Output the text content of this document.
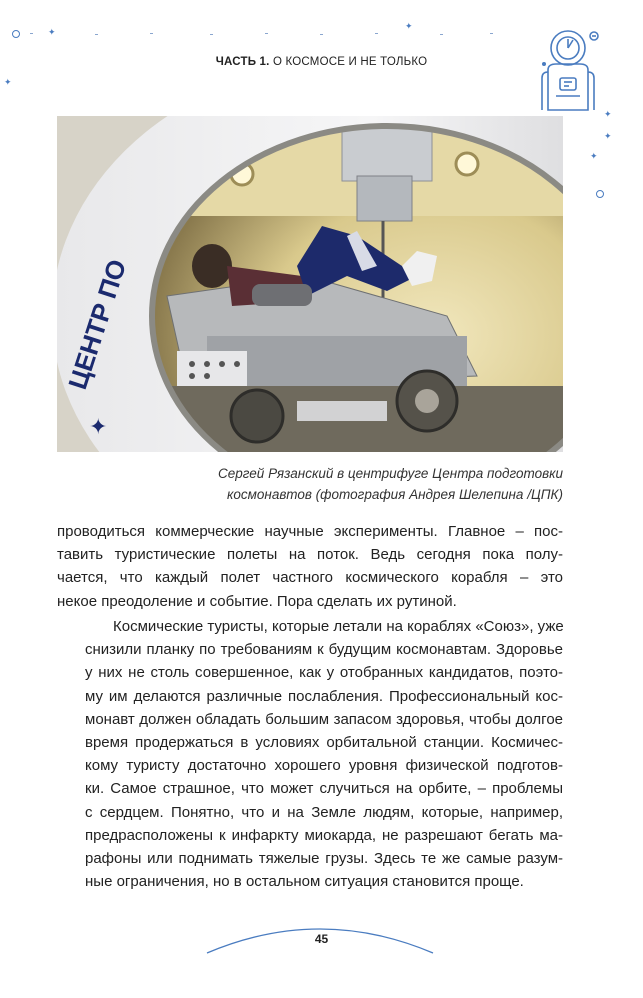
✦
✦
✦
✦
✦
✦
ЧАСТЬ 1. О КОСМОСЕ И НЕ ТОЛЬКО
ЦЕНТР ПО
✦
Сергей Рязанский в центрифуге Центра подготовки
космонавтов (фотография Андрея Шелепина /ЦПК)
проводиться коммерческие научные эксперименты. Главное – пос-
тавить туристические полеты на поток. Ведь сегодня пока полу-
чается, что каждый полет частного космического корабля – это
некое преодоление и событие. Пора сделать их рутиной.
Космические туристы, которые летали на кораблях «Союз», уже
снизили планку по требованиям к будущим космонавтам. Здоровье
у них не столь совершенное, как у отобранных кандидатов, поэто-
му им делаются различные послабления. Профессиональный кос-
монавт должен обладать большим запасом здоровья, чтобы долгое
время продержаться в условиях орбитальной станции. Космичес-
кому туристу достаточно хорошего уровня физической подготов-
ки. Самое страшное, что может случиться на орбите, – проблемы
с сердцем. Понятно, что и на Земле людям, которые, например,
предрасположены к инфаркту миокарда, не разрешают бегать ма-
рафоны или поднимать тяжелые грузы. Здесь те же самые разум-
ные ограничения, но в остальном ситуация становится проще.
45
